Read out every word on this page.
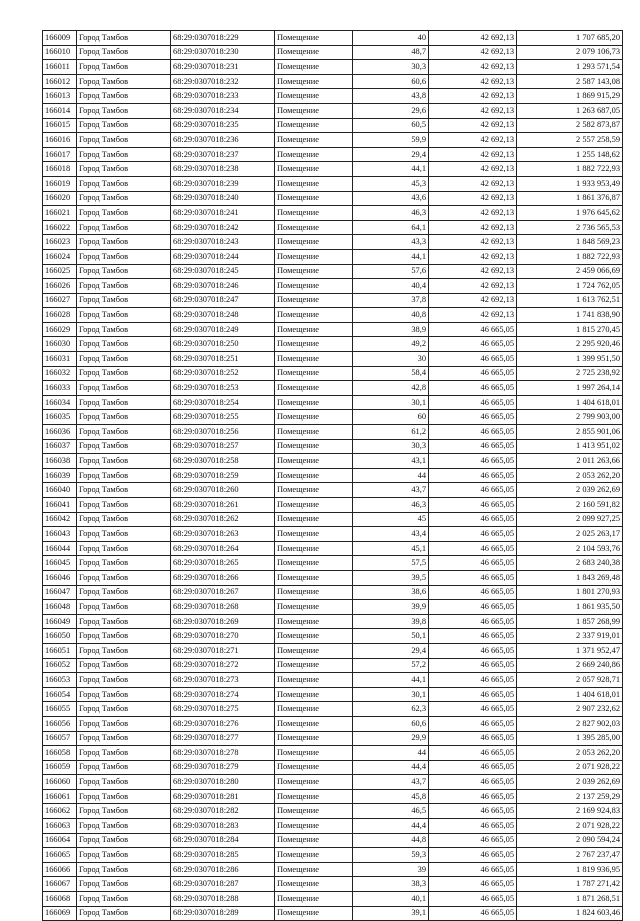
166009	Город Тамбов	68:29:0307018:229	Помещение	40	42 692,13	1 707 685,20
166010	Город Тамбов	68:29:0307018:230	Помещение	48,7	42 692,13	2 079 106,73
166011	Город Тамбов	68:29:0307018:231	Помещение	30,3	42 692,13	1 293 571,54
166012	Город Тамбов	68:29:0307018:232	Помещение	60,6	42 692,13	2 587 143,08
166013	Город Тамбов	68:29:0307018:233	Помещение	43,8	42 692,13	1 869 915,29
166014	Город Тамбов	68:29:0307018:234	Помещение	29,6	42 692,13	1 263 687,05
166015	Город Тамбов	68:29:0307018:235	Помещение	60,5	42 692,13	2 582 873,87
166016	Город Тамбов	68:29:0307018:236	Помещение	59,9	42 692,13	2 557 258,59
166017	Город Тамбов	68:29:0307018:237	Помещение	29,4	42 692,13	1 255 148,62
166018	Город Тамбов	68:29:0307018:238	Помещение	44,1	42 692,13	1 882 722,93
166019	Город Тамбов	68:29:0307018:239	Помещение	45,3	42 692,13	1 933 953,49
166020	Город Тамбов	68:29:0307018:240	Помещение	43,6	42 692,13	1 861 376,87
166021	Город Тамбов	68:29:0307018:241	Помещение	46,3	42 692,13	1 976 645,62
166022	Город Тамбов	68:29:0307018:242	Помещение	64,1	42 692,13	2 736 565,53
166023	Город Тамбов	68:29:0307018:243	Помещение	43,3	42 692,13	1 848 569,23
166024	Город Тамбов	68:29:0307018:244	Помещение	44,1	42 692,13	1 882 722,93
166025	Город Тамбов	68:29:0307018:245	Помещение	57,6	42 692,13	2 459 066,69
166026	Город Тамбов	68:29:0307018:246	Помещение	40,4	42 692,13	1 724 762,05
166027	Город Тамбов	68:29:0307018:247	Помещение	37,8	42 692,13	1 613 762,51
166028	Город Тамбов	68:29:0307018:248	Помещение	40,8	42 692,13	1 741 838,90
166029	Город Тамбов	68:29:0307018:249	Помещение	38,9	46 665,05	1 815 270,45
166030	Город Тамбов	68:29:0307018:250	Помещение	49,2	46 665,05	2 295 920,46
166031	Город Тамбов	68:29:0307018:251	Помещение	30	46 665,05	1 399 951,50
166032	Город Тамбов	68:29:0307018:252	Помещение	58,4	46 665,05	2 725 238,92
166033	Город Тамбов	68:29:0307018:253	Помещение	42,8	46 665,05	1 997 264,14
166034	Город Тамбов	68:29:0307018:254	Помещение	30,1	46 665,05	1 404 618,01
166035	Город Тамбов	68:29:0307018:255	Помещение	60	46 665,05	2 799 903,00
166036	Город Тамбов	68:29:0307018:256	Помещение	61,2	46 665,05	2 855 901,06
166037	Город Тамбов	68:29:0307018:257	Помещение	30,3	46 665,05	1 413 951,02
166038	Город Тамбов	68:29:0307018:258	Помещение	43,1	46 665,05	2 011 263,66
166039	Город Тамбов	68:29:0307018:259	Помещение	44	46 665,05	2 053 262,20
166040	Город Тамбов	68:29:0307018:260	Помещение	43,7	46 665,05	2 039 262,69
166041	Город Тамбов	68:29:0307018:261	Помещение	46,3	46 665,05	2 160 591,82
166042	Город Тамбов	68:29:0307018:262	Помещение	45	46 665,05	2 099 927,25
166043	Город Тамбов	68:29:0307018:263	Помещение	43,4	46 665,05	2 025 263,17
166044	Город Тамбов	68:29:0307018:264	Помещение	45,1	46 665,05	2 104 593,76
166045	Город Тамбов	68:29:0307018:265	Помещение	57,5	46 665,05	2 683 240,38
166046	Город Тамбов	68:29:0307018:266	Помещение	39,5	46 665,05	1 843 269,48
166047	Город Тамбов	68:29:0307018:267	Помещение	38,6	46 665,05	1 801 270,93
166048	Город Тамбов	68:29:0307018:268	Помещение	39,9	46 665,05	1 861 935,50
166049	Город Тамбов	68:29:0307018:269	Помещение	39,8	46 665,05	1 857 268,99
166050	Город Тамбов	68:29:0307018:270	Помещение	50,1	46 665,05	2 337 919,01
166051	Город Тамбов	68:29:0307018:271	Помещение	29,4	46 665,05	1 371 952,47
166052	Город Тамбов	68:29:0307018:272	Помещение	57,2	46 665,05	2 669 240,86
166053	Город Тамбов	68:29:0307018:273	Помещение	44,1	46 665,05	2 057 928,71
166054	Город Тамбов	68:29:0307018:274	Помещение	30,1	46 665,05	1 404 618,01
166055	Город Тамбов	68:29:0307018:275	Помещение	62,3	46 665,05	2 907 232,62
166056	Город Тамбов	68:29:0307018:276	Помещение	60,6	46 665,05	2 827 902,03
166057	Город Тамбов	68:29:0307018:277	Помещение	29,9	46 665,05	1 395 285,00
166058	Город Тамбов	68:29:0307018:278	Помещение	44	46 665,05	2 053 262,20
166059	Город Тамбов	68:29:0307018:279	Помещение	44,4	46 665,05	2 071 928,22
166060	Город Тамбов	68:29:0307018:280	Помещение	43,7	46 665,05	2 039 262,69
166061	Город Тамбов	68:29:0307018:281	Помещение	45,8	46 665,05	2 137 259,29
166062	Город Тамбов	68:29:0307018:282	Помещение	46,5	46 665,05	2 169 924,83
166063	Город Тамбов	68:29:0307018:283	Помещение	44,4	46 665,05	2 071 928,22
166064	Город Тамбов	68:29:0307018:284	Помещение	44,8	46 665,05	2 090 594,24
166065	Город Тамбов	68:29:0307018:285	Помещение	59,3	46 665,05	2 767 237,47
166066	Город Тамбов	68:29:0307018:286	Помещение	39	46 665,05	1 819 936,95
166067	Город Тамбов	68:29:0307018:287	Помещение	38,3	46 665,05	1 787 271,42
166068	Город Тамбов	68:29:0307018:288	Помещение	40,1	46 665,05	1 871 268,51
166069	Город Тамбов	68:29:0307018:289	Помещение	39,1	46 665,05	1 824 603,46
